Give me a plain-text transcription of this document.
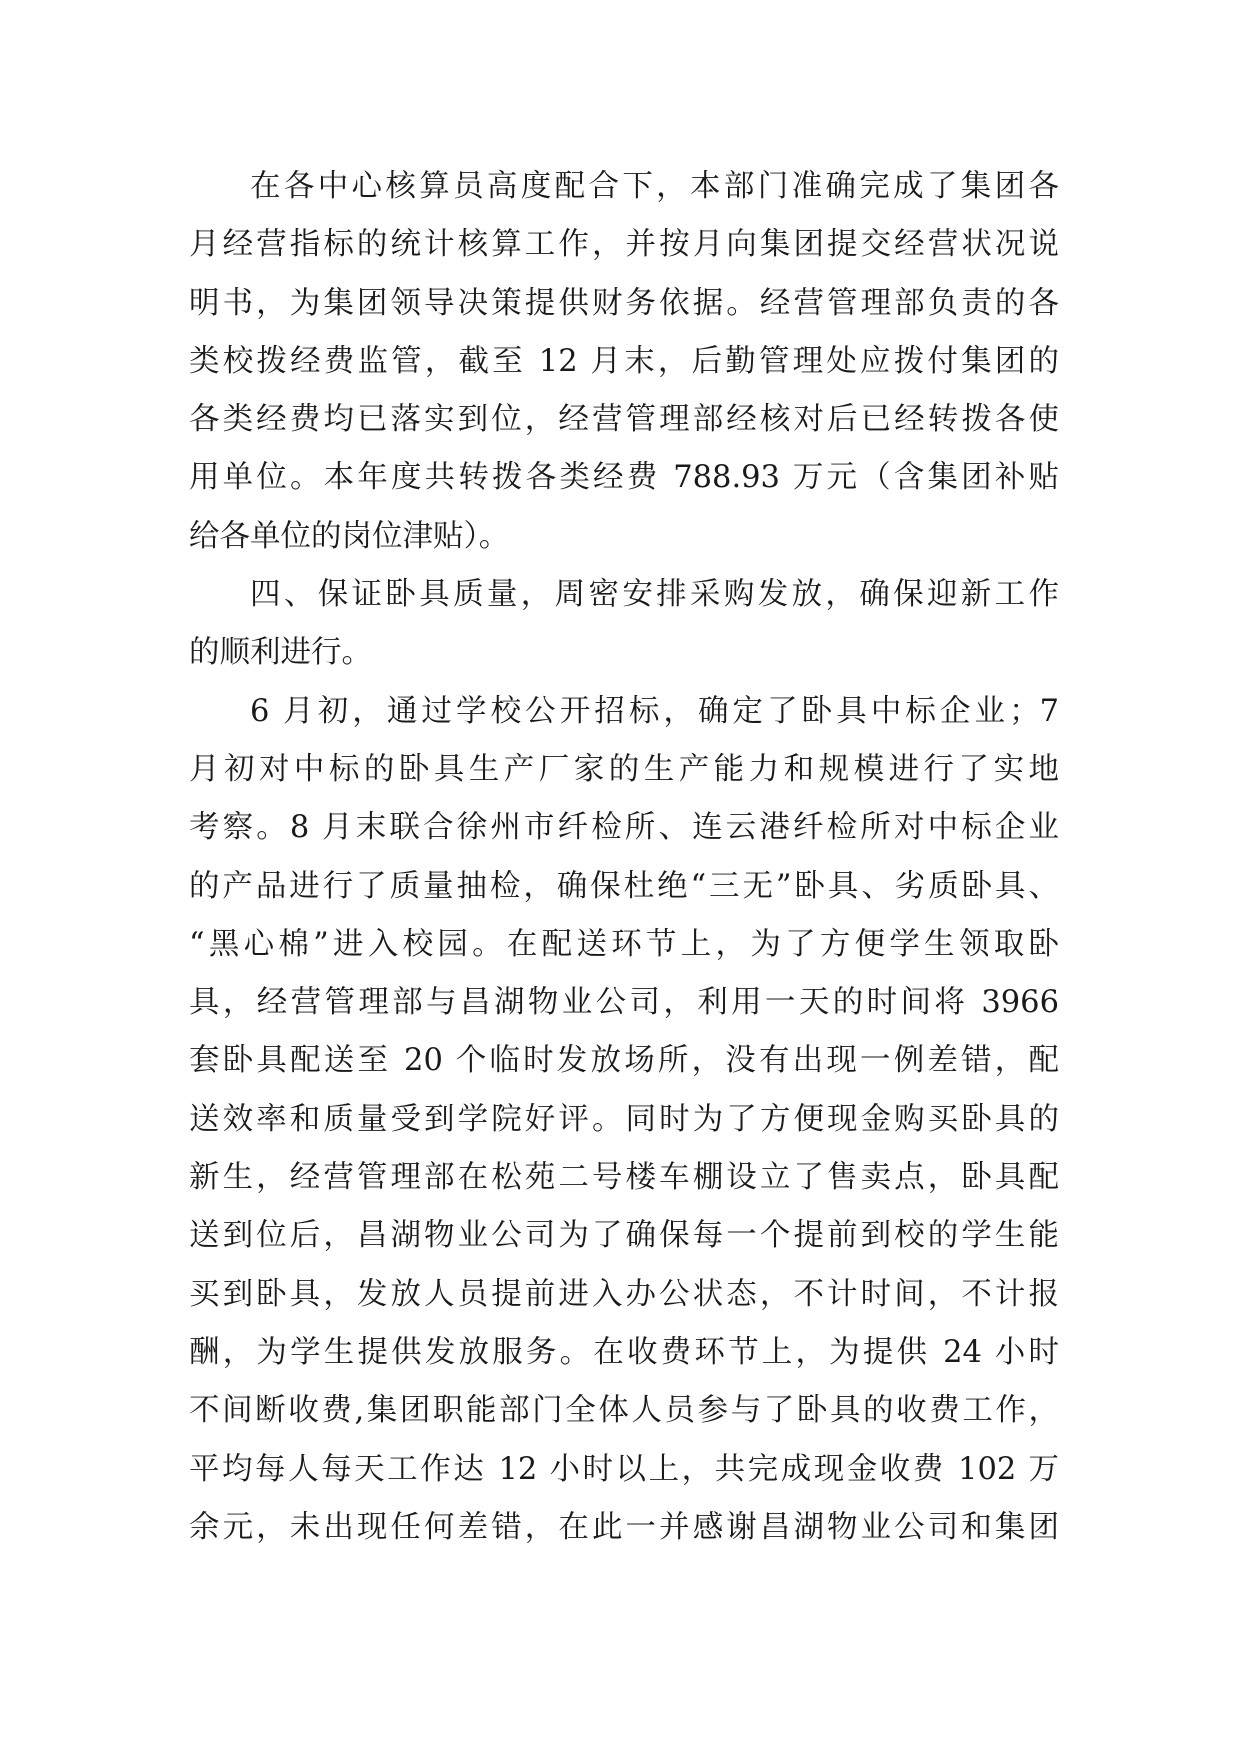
在各中心核算员高度配合下，本部门准确完成了集团各
月经营指标的统计核算工作，并按月向集团提交经营状况说
明书，为集团领导决策提供财务依据。经营管理部负责的各
类校拨经费监管，截至 12 月末，后勤管理处应拨付集团的
各类经费均已落实到位，经营管理部经核对后已经转拨各使
用单位。本年度共转拨各类经费 788.93 万元（含集团补贴
给各单位的岗位津贴）。
四、保证卧具质量，周密安排采购发放，确保迎新工作
的顺利进行。
6 月初，通过学校公开招标，确定了卧具中标企业；7
月初对中标的卧具生产厂家的生产能力和规模进行了实地
考察。8 月末联合徐州市纤检所、连云港纤检所对中标企业
的产品进行了质量抽检，确保杜绝“三无”卧具、劣质卧具、
“黑心棉”进入校园。在配送环节上，为了方便学生领取卧
具，经营管理部与昌湖物业公司，利用一天的时间将 3966
套卧具配送至 20 个临时发放场所，没有出现一例差错，配
送效率和质量受到学院好评。同时为了方便现金购买卧具的
新生，经营管理部在松苑二号楼车棚设立了售卖点，卧具配
送到位后，昌湖物业公司为了确保每一个提前到校的学生能
买到卧具，发放人员提前进入办公状态，不计时间，不计报
酬，为学生提供发放服务。在收费环节上，为提供 24 小时
不间断收费,集团职能部门全体人员参与了卧具的收费工作，
平均每人每天工作达 12 小时以上，共完成现金收费 102 万
余元，未出现任何差错，在此一并感谢昌湖物业公司和集团
